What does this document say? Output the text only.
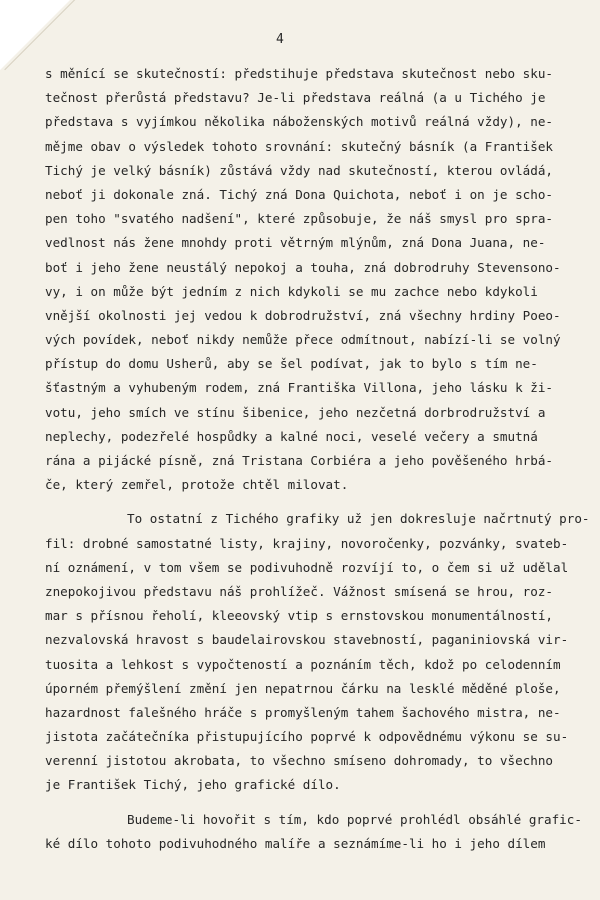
4
s měnící se skutečností: předstihuje představa skutečnost nebo sku-
tečnost přerůstá představu? Je-li představa reálná (a u Tichého je
představa s vyjímkou několika náboženských motivů reálná vždy), ne-
mějme obav o výsledek tohoto srovnání: skutečný básník (a František
Tichý je velký básník) zůstává vždy nad skutečností, kterou ovládá,
neboť ji dokonale zná. Tichý zná Dona Quichota, neboť i on je scho-
pen toho "svatého nadšení", které způsobuje, že náš smysl pro spra-
vedlnost nás žene mnohdy proti větrným mlýnům, zná Dona Juana, ne-
boť i jeho žene neustálý nepokoj a touha, zná dobrodruhy Stevensono-
vy, i on může být jedním z nich kdykoli se mu zachce nebo kdykoli
vnější okolnosti jej vedou k dobrodružství, zná všechny hrdiny Poeo-
vých povídek, neboť nikdy nemůže přece odmítnout, nabízí-li se volný
přístup do domu Usherů, aby se šel podívat, jak to bylo s tím ne-
šťastným a vyhubeným rodem, zná Františka Villona, jeho lásku k ži-
votu, jeho smích ve stínu šibenice, jeho nezčetná dorbrodružství a
neplechy, podezřelé hospůdky a kalné noci, veselé večery a smutná
rána a pijácké písně, zná Tristana Corbiéra a jeho pověšeného hrbá-
če, který zemřel, protože chtěl milovat.
To ostatní z Tichého grafiky už jen dokresluje načrtnutý pro-
fil: drobné samostatné listy, krajiny, novoročenky, pozvánky, svateb-
ní oznámení, v tom všem se podivuhodně rozvíjí to, o čem si už udělal
znepokojivou představu náš prohlížeč. Vážnost smísená se hrou, roz-
mar s přísnou řeholí, kleeovský vtip s ernstovskou monumentálností,
nezvalovská hravost s baudelairovskou stavebností, paganiniovská vir-
tuosita a lehkost s vypočteností a poznáním těch, kdož po celodenním
úporném přemýšlení změní jen nepatrnou čárku na lesklé měděné ploše,
hazardnost falešného hráče s promyšleným tahem šachového mistra, ne-
jistota začátečníka přistupujícího poprvé k odpovědnému výkonu se su-
verenní jistotou akrobata, to všechno smíseno dohromady, to všechno
je František Tichý, jeho grafické dílo.
Budeme-li hovořit s tím, kdo poprvé prohlédl obsáhlé grafic-
ké dílo tohoto podivuhodného malíře a seznámíme-li ho i jeho dílem
